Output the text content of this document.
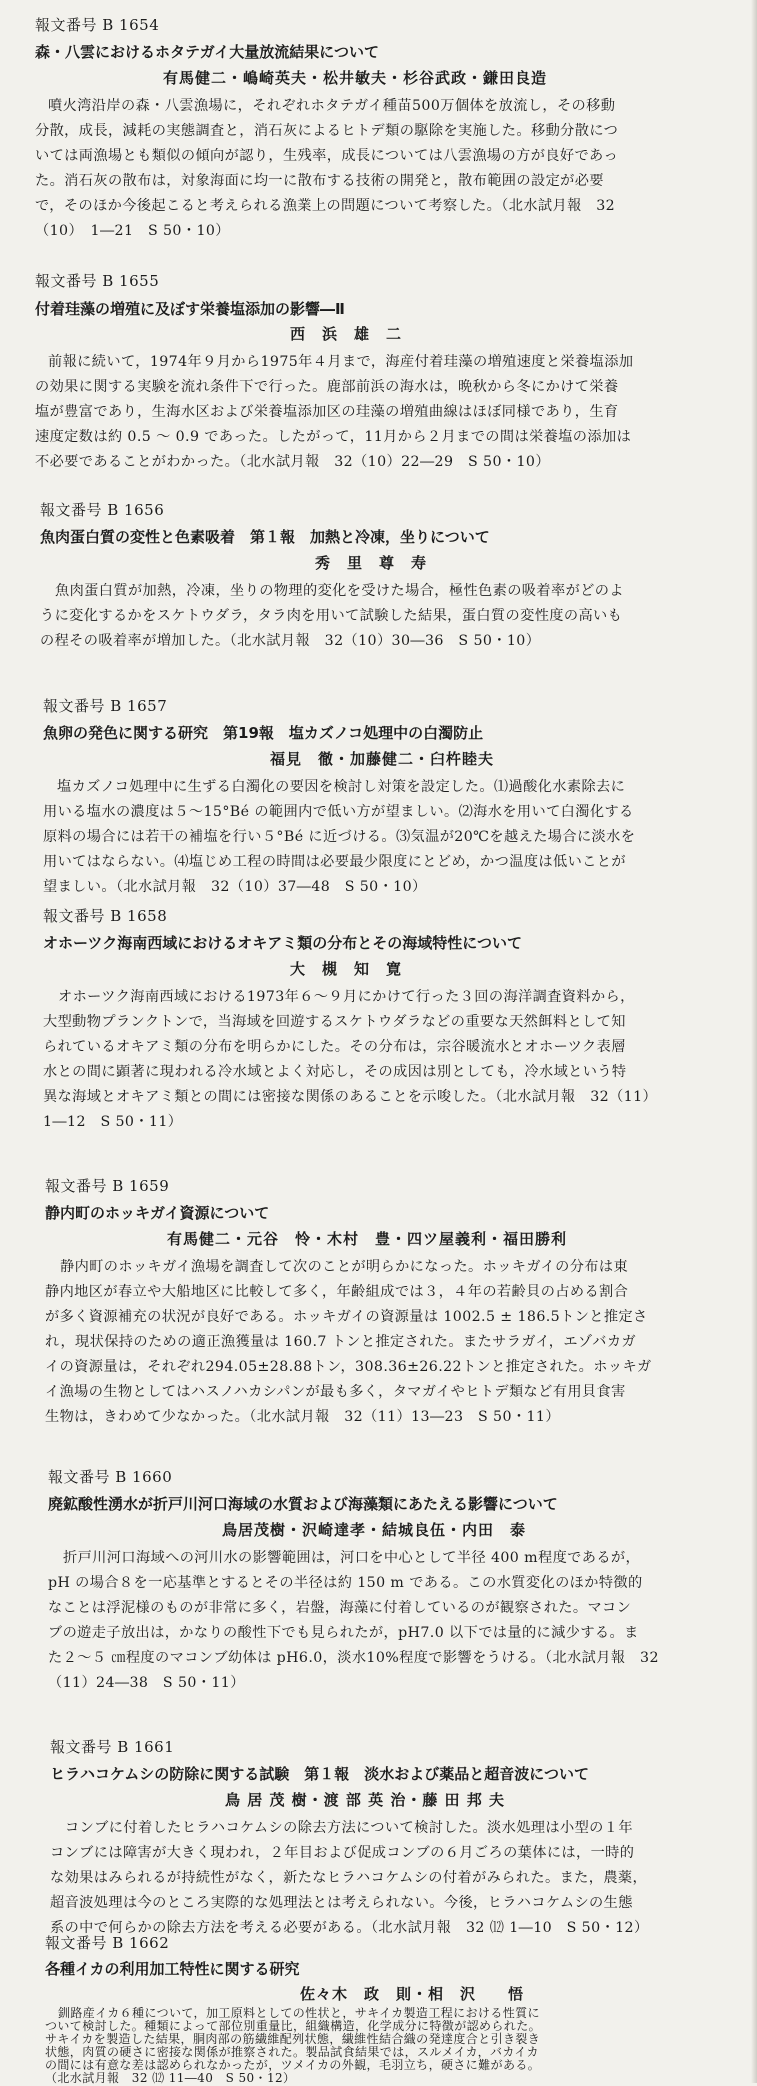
報文番号 B 1654
森・八雲におけるホタテガイ大量放流結果について
有馬健二・嶋崎英夫・松井敏夫・杉谷武政・鎌田良造
噴火湾沿岸の森・八雲漁場に，それぞれホタテガイ種苗500万個体を放流し，その移動
分散，成長，減耗の実態調査と，消石灰によるヒトデ類の駆除を実施した。移動分散につ
いては両漁場とも類似の傾向が認り，生残率，成長については八雲漁場の方が良好であっ
た。消石灰の散布は，対象海面に均一に散布する技術の開発と，散布範囲の設定が必要
で，そのほか今後起こると考えられる漁業上の問題について考察した。（北水試月報　32
（10）　1―21　S 50・10）
報文番号 B 1655
付着珪藻の増殖に及ぼす栄養塩添加の影響―Ⅱ
西　浜　雄　二
前報に続いて，1974年９月から1975年４月まで，海産付着珪藻の増殖速度と栄養塩添加
の効果に関する実験を流れ条件下で行った。鹿部前浜の海水は，晩秋から冬にかけて栄養
塩が豊富であり，生海水区および栄養塩添加区の珪藻の増殖曲線はほぼ同様であり，生育
速度定数は約 0.5 ～ 0.9 であった。したがって，11月から２月までの間は栄養塩の添加は
不必要であることがわかった。（北水試月報　32（10）22―29　S 50・10）
報文番号 B 1656
魚肉蛋白質の変性と色素吸着　第１報　加熱と冷凍，坐りについて
秀　里　尊　寿
魚肉蛋白質が加熱，冷凍，坐りの物理的変化を受けた場合，極性色素の吸着率がどのよ
うに変化するかをスケトウダラ，タラ肉を用いて試験した結果，蛋白質の変性度の高いも
の程その吸着率が増加した。（北水試月報　32（10）30―36　S 50・10）
報文番号 B 1657
魚卵の発色に関する研究　第19報　塩カズノコ処理中の白濁防止
福見　徹・加藤健二・臼杵睦夫
塩カズノコ処理中に生ずる白濁化の要因を検討し対策を設定した。⑴過酸化水素除去に
用いる塩水の濃度は５～15°Bé の範囲内で低い方が望ましい。⑵海水を用いて白濁化する
原料の場合には若干の補塩を行い５°Bé に近づける。⑶気温が20℃を越えた場合に淡水を
用いてはならない。⑷塩じめ工程の時間は必要最少限度にとどめ，かつ温度は低いことが
望ましい。（北水試月報　32（10）37―48　S 50・10）
報文番号 B 1658
オホーツク海南西域におけるオキアミ類の分布とその海域特性について
大　槻　知　寛
オホーツク海南西域における1973年６～９月にかけて行った３回の海洋調査資料から，
大型動物プランクトンで，当海域を回遊するスケトウダラなどの重要な天然餌料として知
られているオキアミ類の分布を明らかにした。その分布は，宗谷暖流水とオホーツク表層
水との間に顕著に現われる冷水域とよく対応し，その成因は別としても，冷水域という特
異な海域とオキアミ類との間には密接な関係のあることを示唆した。（北水試月報　32（11）
1―12　S 50・11）
報文番号 B 1659
静内町のホッキガイ資源について
有馬健二・元谷　怜・木村　豊・四ツ屋義利・福田勝利
静内町のホッキガイ漁場を調査して次のことが明らかになった。ホッキガイの分布は東
静内地区が春立や大船地区に比較して多く，年齢組成では３，４年の若齢貝の占める割合
が多く資源補充の状況が良好である。ホッキガイの資源量は 1002.5 ± 186.5トンと推定さ
れ，現状保持のための適正漁獲量は 160.7 トンと推定された。またサラガイ，エゾバカガ
イの資源量は，それぞれ294.05±28.88トン，308.36±26.22トンと推定された。ホッキガ
イ漁場の生物としてはハスノハカシパンが最も多く，タマガイやヒトデ類など有用貝食害
生物は，きわめて少なかった。（北水試月報　32（11）13―23　S 50・11）
報文番号 B 1660
廃鉱酸性湧水が折戸川河口海域の水質および海藻類にあたえる影響について
鳥居茂樹・沢崎達孝・結城良伍・内田　泰
折戸川河口海域への河川水の影響範囲は，河口を中心として半径 400 m程度であるが，
pH の場合８を一応基準とするとその半径は約 150 m である。この水質変化のほか特徴的
なことは浮泥様のものが非常に多く，岩盤，海藻に付着しているのが観察された。マコン
ブの遊走子放出は，かなりの酸性下でも見られたが，pH7.0 以下では量的に減少する。ま
た２～５ ㎝程度のマコンブ幼体は pH6.0，淡水10%程度で影響をうける。（北水試月報　32
（11）24―38　S 50・11）
報文番号 B 1661
ヒラハコケムシの防除に関する試験　第１報　淡水および薬品と超音波について
鳥 居 茂 樹・渡 部 英 治・藤 田 邦 夫
コンブに付着したヒラハコケムシの除去方法について検討した。淡水処理は小型の１年
コンブには障害が大きく現われ，２年目および促成コンブの６月ごろの葉体には，一時的
な効果はみられるが持続性がなく，新たなヒラハコケムシの付着がみられた。また，農薬，
超音波処理は今のところ実際的な処理法とは考えられない。今後，ヒラハコケムシの生態
系の中で何らかの除去方法を考える必要がある。（北水試月報　32 ⑿ 1―10　S 50・12）
報文番号 B 1662
各種イカの利用加工特性に関する研究
佐々木　政　則・相　沢　　悟
釧路産イカ６種について，加工原料としての性状と，サキイカ製造工程における性質に
ついて検討した。種類によって部位別重量比，組織構造，化学成分に特徴が認められた。
サキイカを製造した結果，胴肉部の筋繊維配列状態，繊維性結合織の発達度合と引き裂き
状態，肉質の硬さに密接な関係が推察された。製品試食結果では，スルメイカ，バカイカ
の間には有意な差は認められなかったが，ツメイカの外観，毛羽立ち，硬さに難がある。
（北水試月報　32 ⑿ 11―40　S 50・12）
